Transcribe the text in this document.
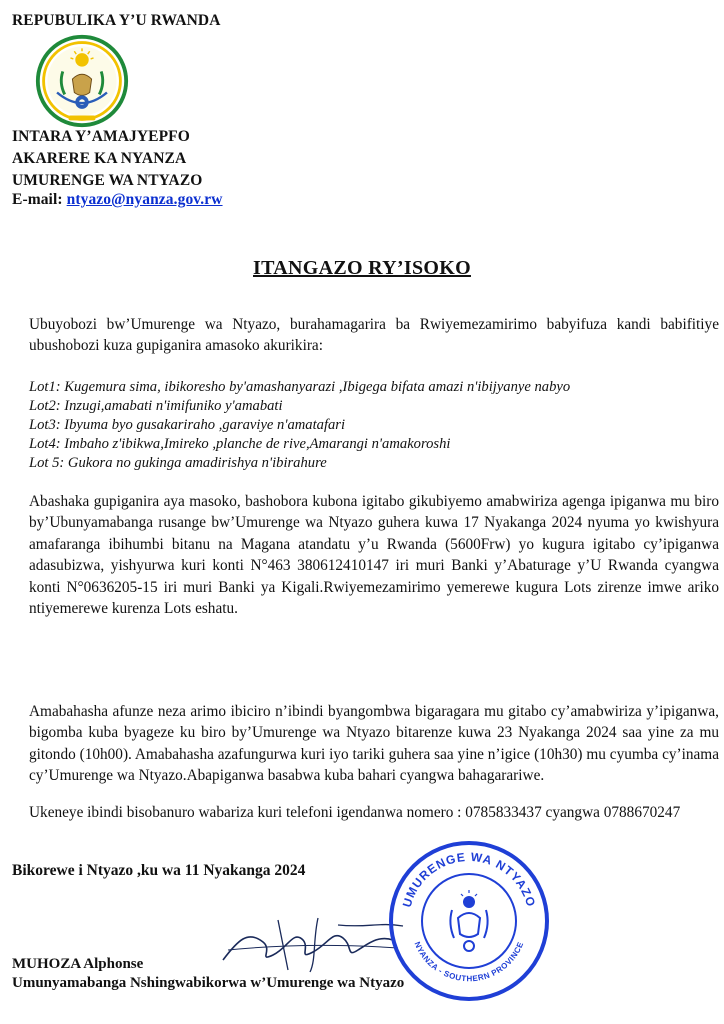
REPUBULIKA Y’U RWANDA
INTARA Y’AMAJYEPFO
AKARERE KA NYANZA
UMURENGE WA NTYAZO
E-mail: ntyazo@nyanza.gov.rw
ITANGAZO RY’ISOKO
Ubuyobozi bw’Umurenge wa Ntyazo, burahamagarira ba Rwiyemezamirimo babyifuza kandi babifitiye ubushobozi kuza gupiganira amasoko akurikira:
Lot1: Kugemura sima, ibikoresho by'amashanyarazi ,Ibigega bifata amazi n'ibijyanye nabyo
Lot2: Inzugi,amabati n'imifuniko y'amabati
Lot3: Ibyuma byo gusakariraho ,garaviye n'amatafari
Lot4: Imbaho z'ibikwa,Imireko ,planche de rive,Amarangi n'amakoroshi
Lot 5: Gukora no gukinga amadirishya n'ibirahure
Abashaka gupiganira aya masoko, bashobora kubona igitabo gikubiyemo amabwiriza agenga ipiganwa mu biro by’Ubunyamabanga rusange bw’Umurenge wa Ntyazo guhera kuwa 17 Nyakanga 2024 nyuma yo kwishyura amafaranga ibihumbi bitanu na Magana atandatu y’u Rwanda (5600Frw) yo kugura igitabo cy’ipiganwa adasubizwa, yishyurwa kuri konti N°463 380612410147 iri muri Banki y’Abaturage y’U Rwanda cyangwa konti N°0636205-15 iri muri Banki ya Kigali.Rwiyemezamirimo yemerewe kugura Lots zirenze imwe ariko ntiyemerewe kurenza Lots eshatu.
Amabahasha afunze neza arimo ibiciro n’ibindi byangombwa bigaragara mu gitabo cy’amabwiriza y’ipiganwa, bigomba kuba byageze ku biro by’Umurenge wa Ntyazo bitarenze kuwa 23 Nyakanga 2024 saa yine za mu gitondo (10h00). Amabahasha azafungurwa kuri iyo tariki guhera saa yine n’igice (10h30) mu cyumba cy’inama cy’Umurenge wa Ntyazo.Abapiganwa basabwa kuba bahari cyangwa bahagarariwe.
Ukeneye ibindi bisobanuro wabariza kuri telefoni igendanwa nomero : 0785833437 cyangwa 0788670247
Bikorewe i Ntyazo ,ku wa 11 Nyakanga 2024
UMURENGE WA NTYAZO
NYANZA - SOUTHERN PROVINCE
MUHOZA Alphonse
Umunyamabanga Nshingwabikorwa w’Umurenge wa Ntyazo
